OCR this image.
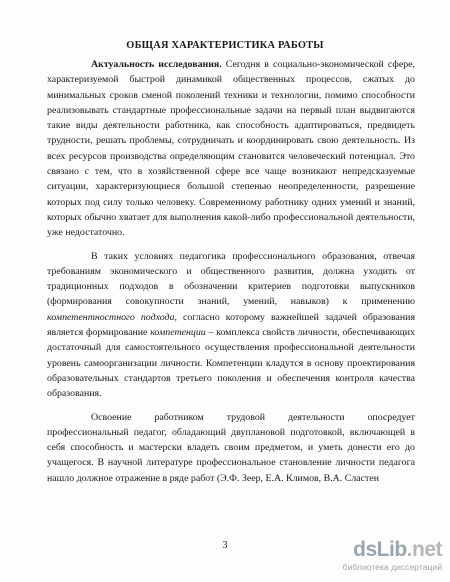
ОБЩАЯ ХАРАКТЕРИСТИКА РАБОТЫ

Актуальность исследования. Сегодня в социально-экономической сфере, характеризуемой быстрой динамикой общественных процессов, сжатых до минимальных сроков сменой поколений техники и технологии, помимо способности реализовывать стандартные профессиональные задачи на первый план выдвигаются такие виды деятельности работника, как способность адаптироваться, предвидеть трудности, решать проблемы, сотрудничать и координировать свою деятельность. Из всех ресурсов производства определяющим становится человеческий потенциал. Это связано с тем, что в хозяйственной сфере все чаще возникают непредсказуемые ситуации, характеризующиеся большой степенью неопределенности, разрешение которых под силу только человеку. Современному работнику одних умений и знаний, которых обычно хватает для выполнения какой-либо профессиональной деятельности, уже недостаточно.

В таких условиях педагогика профессионального образования, отвечая требованиям экономического и общественного развития, должна уходить от традиционных подходов в обозначении критериев подготовки выпускников (формирования совокупности знаний, умений, навыков) к применению компетентностного подхода, согласно которому важнейшей задачей образования является формирование компетенции – комплекса свойств личности, обеспечивающих достаточный для самостоятельного осуществления профессиональной деятельности уровень самоорганизации личности. Компетенции кладутся в основу проектирования образовательных стандартов третьего поколения и обеспечения контроля качества образования.

Освоение работником трудовой деятельности опосредует профессиональный педагог, обладающий двуплановой подготовкой, включающей в себя способность и мастерски владеть своим предметом, и уметь донести его до учащегося. В научной литературе профессиональное становление личности педагога нашло должное отражение в ряде работ (Э.Ф. Зеер, Е.А. Климов, В.А. Сластен

3	dsLib.net
библиотека диссертаций
